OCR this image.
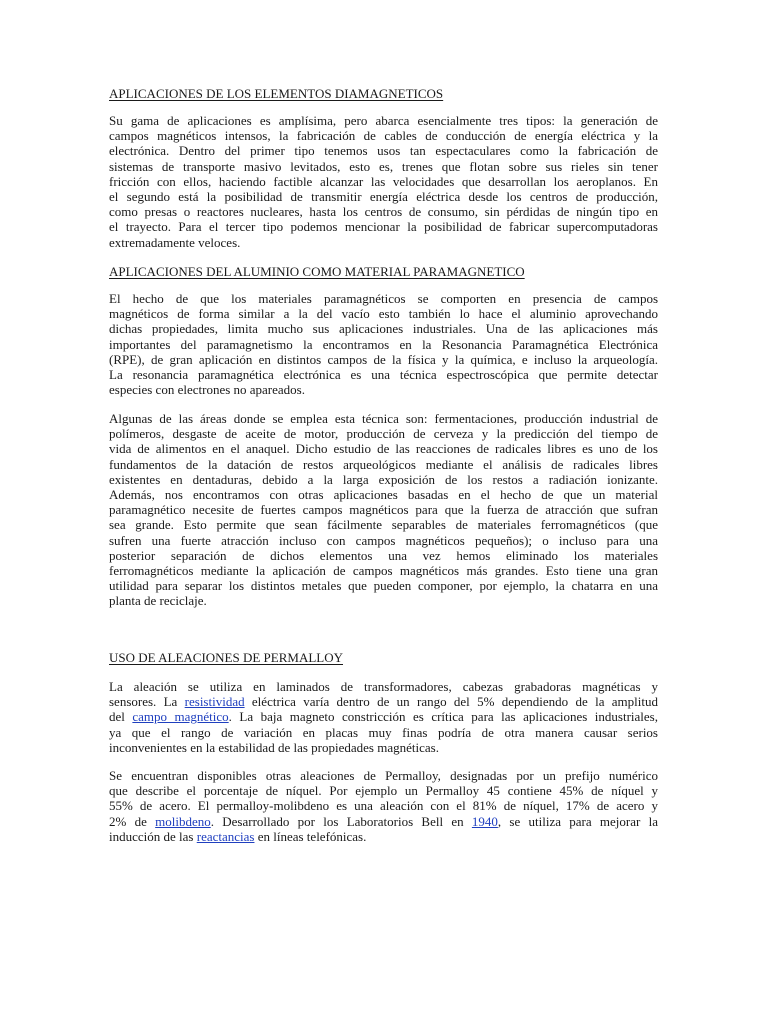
APLICACIONES DE LOS ELEMENTOS DIAMAGNETICOS
Su gama de aplicaciones es amplísima, pero abarca esencialmente tres tipos: la generación de
campos magnéticos intensos, la fabricación de cables de conducción de energía eléctrica y la
electrónica. Dentro del primer tipo tenemos usos tan espectaculares como la fabricación de
sistemas de transporte masivo levitados, esto es, trenes que flotan sobre sus rieles sin tener
fricción con ellos, haciendo factible alcanzar las velocidades que desarrollan los aeroplanos. En
el segundo está la posibilidad de transmitir energía eléctrica desde los centros de producción,
como presas o reactores nucleares, hasta los centros de consumo, sin pérdidas de ningún tipo en
el trayecto. Para el tercer tipo podemos mencionar la posibilidad de fabricar supercomputadoras
extremadamente veloces.
APLICACIONES DEL ALUMINIO COMO MATERIAL PARAMAGNETICO
El hecho de que los materiales paramagnéticos se comporten en presencia de campos
magnéticos de forma similar a la del vacío esto también lo hace el aluminio aprovechando
dichas propiedades, limita mucho sus aplicaciones industriales. Una de las aplicaciones más
importantes del paramagnetismo la encontramos en la Resonancia Paramagnética Electrónica
(RPE), de gran aplicación en distintos campos de la física y la química, e incluso la arqueología.
La resonancia paramagnética electrónica es una técnica espectroscópica que permite detectar
especies con electrones no apareados.
Algunas de las áreas donde se emplea esta técnica son: fermentaciones, producción industrial de
polímeros, desgaste de aceite de motor, producción de cerveza y la predicción del tiempo de
vida de alimentos en el anaquel. Dicho estudio de las reacciones de radicales libres es uno de los
fundamentos de la datación de restos arqueológicos mediante el análisis de radicales libres
existentes en dentaduras, debido a la larga exposición de los restos a radiación ionizante.
Además, nos encontramos con otras aplicaciones basadas en el hecho de que un material
paramagnético necesite de fuertes campos magnéticos para que la fuerza de atracción que sufran
sea grande. Esto permite que sean fácilmente separables de materiales ferromagnéticos (que
sufren una fuerte atracción incluso con campos magnéticos pequeños); o incluso para una
posterior separación de dichos elementos una vez hemos eliminado los materiales
ferromagnéticos mediante la aplicación de campos magnéticos más grandes. Esto tiene una gran
utilidad para separar los distintos metales que pueden componer, por ejemplo, la chatarra en una
planta de reciclaje.
USO DE ALEACIONES DE PERMALLOY
La aleación se utiliza en laminados de transformadores, cabezas grabadoras magnéticas y
sensores. La resistividad eléctrica varía dentro de un rango del 5% dependiendo de la amplitud
del campo magnético. La baja magneto constricción es crítica para las aplicaciones industriales,
ya que el rango de variación en placas muy finas podría de otra manera causar serios
inconvenientes en la estabilidad de las propiedades magnéticas.
Se encuentran disponibles otras aleaciones de Permalloy, designadas por un prefijo numérico
que describe el porcentaje de níquel. Por ejemplo un Permalloy 45 contiene 45% de níquel y
55% de acero. El permalloy-molibdeno es una aleación con el 81% de níquel, 17% de acero y
2% de molibdeno. Desarrollado por los Laboratorios Bell en 1940, se utiliza para mejorar la
inducción de las reactancias en líneas telefónicas.
